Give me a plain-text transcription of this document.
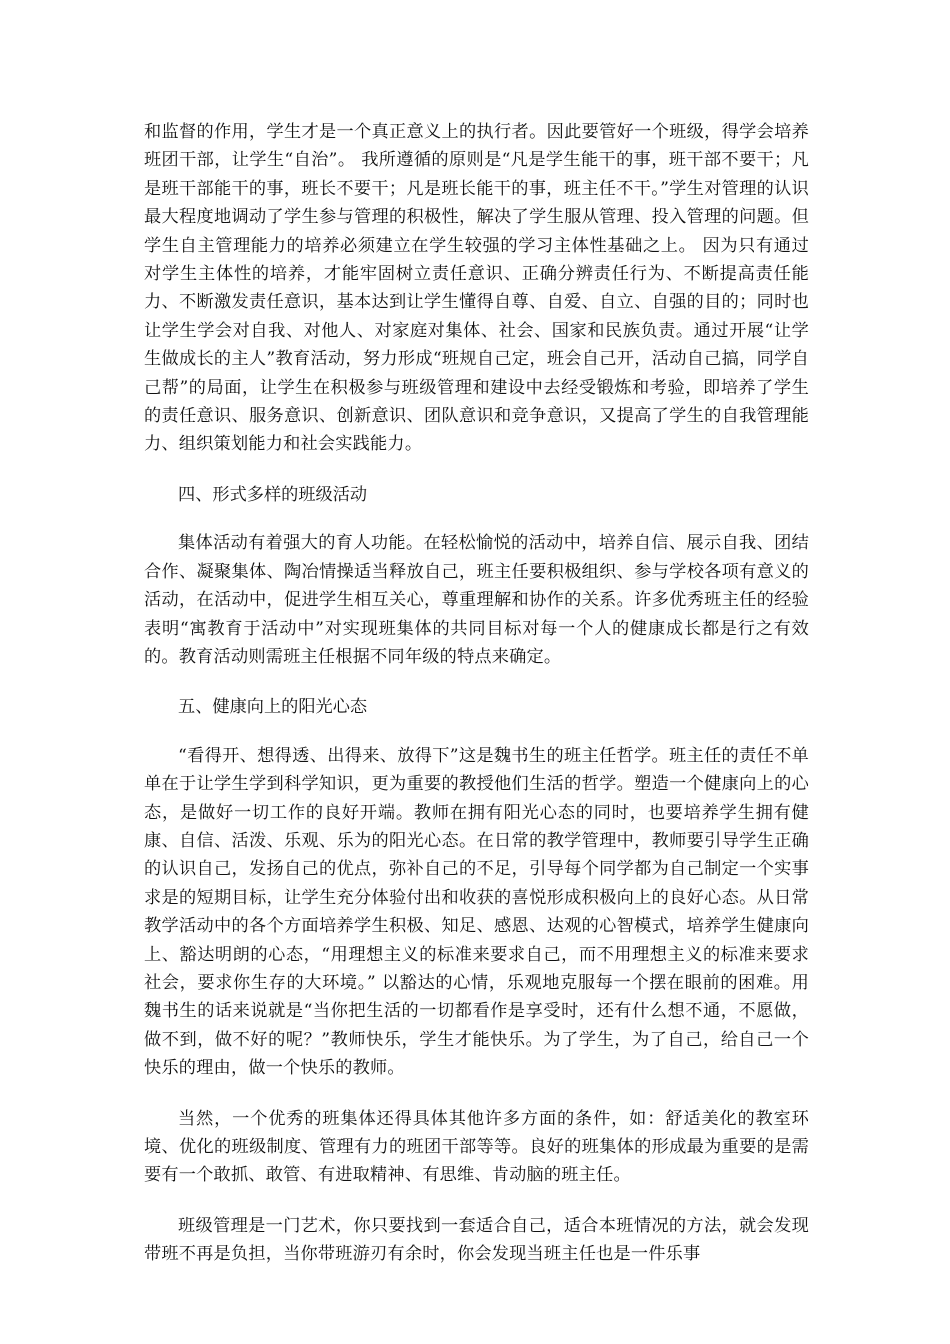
和监督的作用，学生才是一个真正意义上的执行者。因此要管好一个班级，得学会培养班团干部，让学生“自治”。 我所遵循的原则是“凡是学生能干的事，班干部不要干；凡是班干部能干的事，班长不要干；凡是班长能干的事，班主任不干。”学生对管理的认识最大程度地调动了学生参与管理的积极性，解决了学生服从管理、投入管理的问题。但学生自主管理能力的培养必须建立在学生较强的学习主体性基础之上。 因为只有通过对学生主体性的培养，才能牢固树立责任意识、正确分辨责任行为、不断提高责任能力、不断激发责任意识，基本达到让学生懂得自尊、自爱、自立、自强的目的；同时也让学生学会对自我、对他人、对家庭对集体、社会、国家和民族负责。通过开展“让学生做成长的主人”教育活动，努力形成“班规自己定，班会自己开，活动自己搞，同学自己帮”的局面，让学生在积极参与班级管理和建设中去经受锻炼和考验，即培养了学生的责任意识、服务意识、创新意识、团队意识和竞争意识，又提高了学生的自我管理能力、组织策划能力和社会实践能力。

四、形式多样的班级活动

集体活动有着强大的育人功能。在轻松愉悦的活动中，培养自信、展示自我、团结合作、凝聚集体、陶冶情操适当释放自己，班主任要积极组织、参与学校各项有意义的活动，在活动中，促进学生相互关心，尊重理解和协作的关系。许多优秀班主任的经验表明“寓教育于活动中”对实现班集体的共同目标对每一个人的健康成长都是行之有效的。教育活动则需班主任根据不同年级的特点来确定。

五、健康向上的阳光心态

“看得开、想得透、出得来、放得下”这是魏书生的班主任哲学。班主任的责任不单单在于让学生学到科学知识，更为重要的教授他们生活的哲学。塑造一个健康向上的心态，是做好一切工作的良好开端。教师在拥有阳光心态的同时，也要培养学生拥有健康、自信、活泼、乐观、乐为的阳光心态。在日常的教学管理中，教师要引导学生正确的认识自己，发扬自己的优点，弥补自己的不足，引导每个同学都为自己制定一个实事求是的短期目标，让学生充分体验付出和收获的喜悦形成积极向上的良好心态。从日常教学活动中的各个方面培养学生积极、知足、感恩、达观的心智模式，培养学生健康向上、豁达明朗的心态，“用理想主义的标准来要求自己，而不用理想主义的标准来要求社会，要求你生存的大环境。” 以豁达的心情，乐观地克服每一个摆在眼前的困难。用魏书生的话来说就是“当你把生活的一切都看作是享受时，还有什么想不通，不愿做，做不到，做不好的呢？”教师快乐，学生才能快乐。为了学生，为了自己，给自己一个快乐的理由，做一个快乐的教师。

当然，一个优秀的班集体还得具体其他许多方面的条件，如：舒适美化的教室环境、优化的班级制度、管理有力的班团干部等等。良好的班集体的形成最为重要的是需要有一个敢抓、敢管、有进取精神、有思维、肯动脑的班主任。

班级管理是一门艺术，你只要找到一套适合自己，适合本班情况的方法，就会发现带班不再是负担，当你带班游刃有余时，你会发现当班主任也是一件乐事
